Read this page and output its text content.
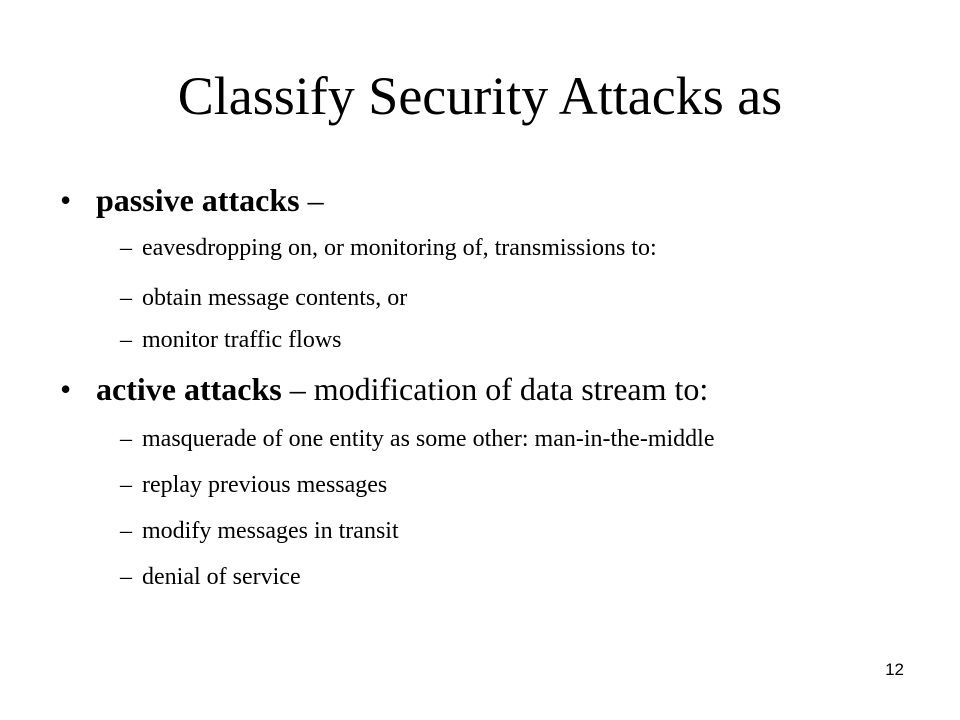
Classify Security Attacks as
• passive attacks –
– eavesdropping on, or monitoring of, transmissions to:
– obtain message contents, or
– monitor traffic flows
• active attacks – modification of data stream to:
– masquerade of one entity as some other: man-in-the-middle
– replay previous messages
– modify messages in transit
– denial of service
12
